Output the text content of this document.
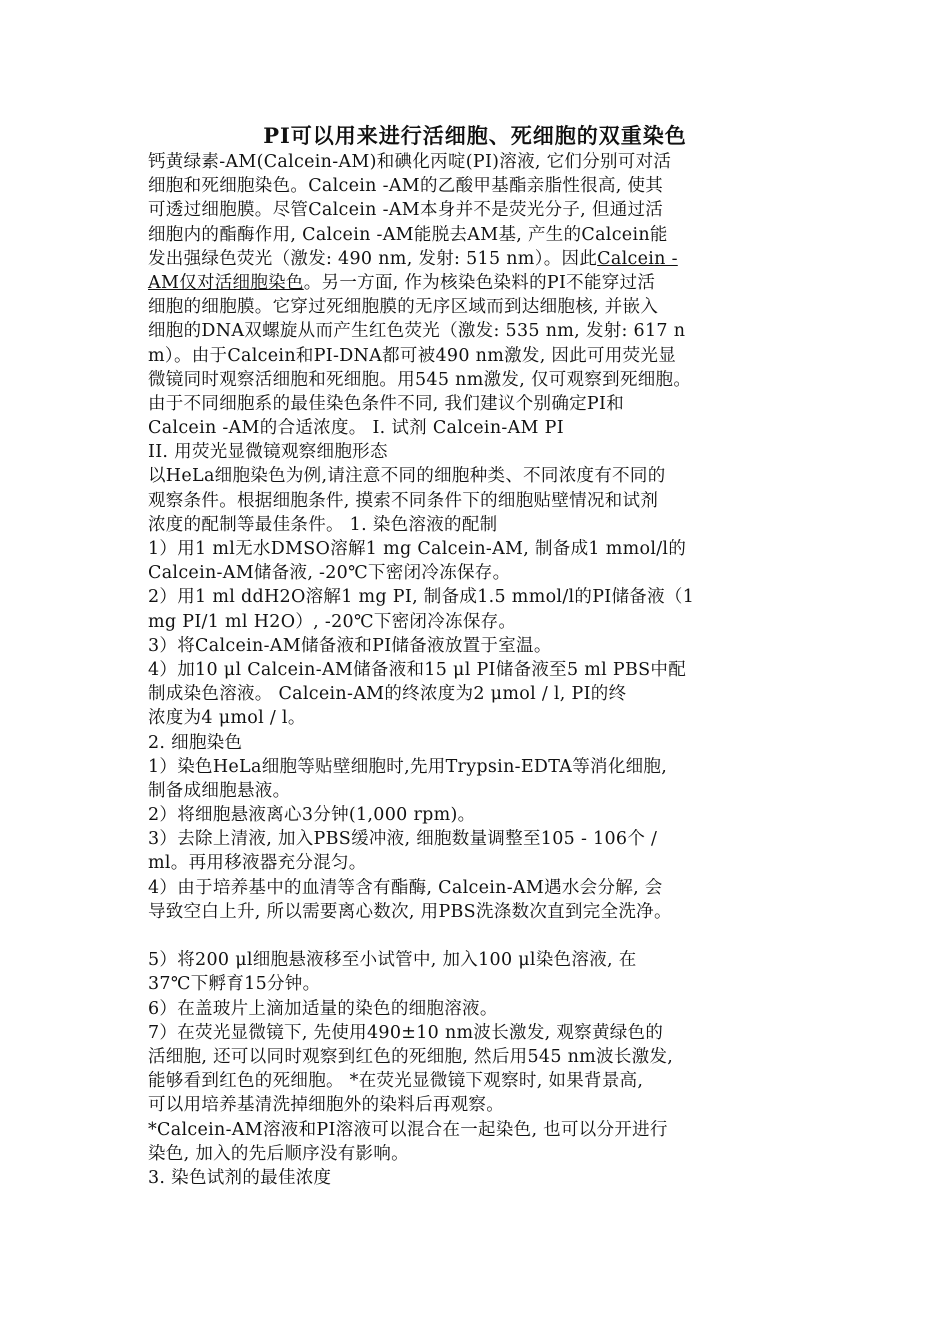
PI可以用来进行活细胞、死细胞的双重染色
钙黄绿素-AM(Calcein-AM)和碘化丙啶(PI)溶液, 它们分别可对活
细胞和死细胞染色。Calcein -AM的乙酸甲基酯亲脂性很高, 使其
可透过细胞膜。尽管Calcein -AM本身并不是荧光分子, 但通过活
细胞内的酯酶作用, Calcein -AM能脱去AM基, 产生的Calcein能
发出强绿色荧光（激发: 490 nm, 发射: 515 nm）。因此Calcein -
AM仅对活细胞染色。另一方面, 作为核染色染料的PI不能穿过活
细胞的细胞膜。它穿过死细胞膜的无序区域而到达细胞核, 并嵌入
细胞的DNA双螺旋从而产生红色荧光（激发: 535 nm, 发射: 617 n
m）。由于Calcein和PI-DNA都可被490 nm激发, 因此可用荧光显
微镜同时观察活细胞和死细胞。用545 nm激发, 仅可观察到死细胞。
由于不同细胞系的最佳染色条件不同, 我们建议个别确定PI和
Calcein -AM的合适浓度。 I. 试剂 Calcein-AM PI
II. 用荧光显微镜观察细胞形态
以HeLa细胞染色为例,请注意不同的细胞种类、不同浓度有不同的
观察条件。根据细胞条件, 摸索不同条件下的细胞贴壁情况和试剂
浓度的配制等最佳条件。 1. 染色溶液的配制
1）用1 ml无水DMSO溶解1 mg Calcein-AM, 制备成1 mmol/l的
Calcein-AM储备液, -20℃下密闭冷冻保存。
2）用1 ml ddH2O溶解1 mg PI, 制备成1.5 mmol/l的PI储备液（1
mg PI/1 ml H2O）, -20℃下密闭冷冻保存。
3）将Calcein-AM储备液和PI储备液放置于室温。
4）加10 μl Calcein-AM储备液和15 μl PI储备液至5 ml PBS中配
制成染色溶液。 Calcein-AM的终浓度为2 μmol / l, PI的终
浓度为4 μmol / l。
2. 细胞染色
1）染色HeLa细胞等贴壁细胞时,先用Trypsin-EDTA等消化细胞,
制备成细胞悬液。
2）将细胞悬液离心3分钟(1,000 rpm)。
3）去除上清液, 加入PBS缓冲液, 细胞数量调整至105 - 106个 /
ml。再用移液器充分混匀。
4）由于培养基中的血清等含有酯酶, Calcein-AM遇水会分解, 会
导致空白上升, 所以需要离心数次, 用PBS洗涤数次直到完全洗净。
5）将200 μl细胞悬液移至小试管中, 加入100 μl染色溶液, 在
37℃下孵育15分钟。
6）在盖玻片上滴加适量的染色的细胞溶液。
7）在荧光显微镜下, 先使用490±10 nm波长激发, 观察黄绿色的
活细胞, 还可以同时观察到红色的死细胞, 然后用545 nm波长激发,
能够看到红色的死细胞。 *在荧光显微镜下观察时, 如果背景高,
可以用培养基清洗掉细胞外的染料后再观察。
*Calcein-AM溶液和PI溶液可以混合在一起染色, 也可以分开进行
染色, 加入的先后顺序没有影响。
3. 染色试剂的最佳浓度
